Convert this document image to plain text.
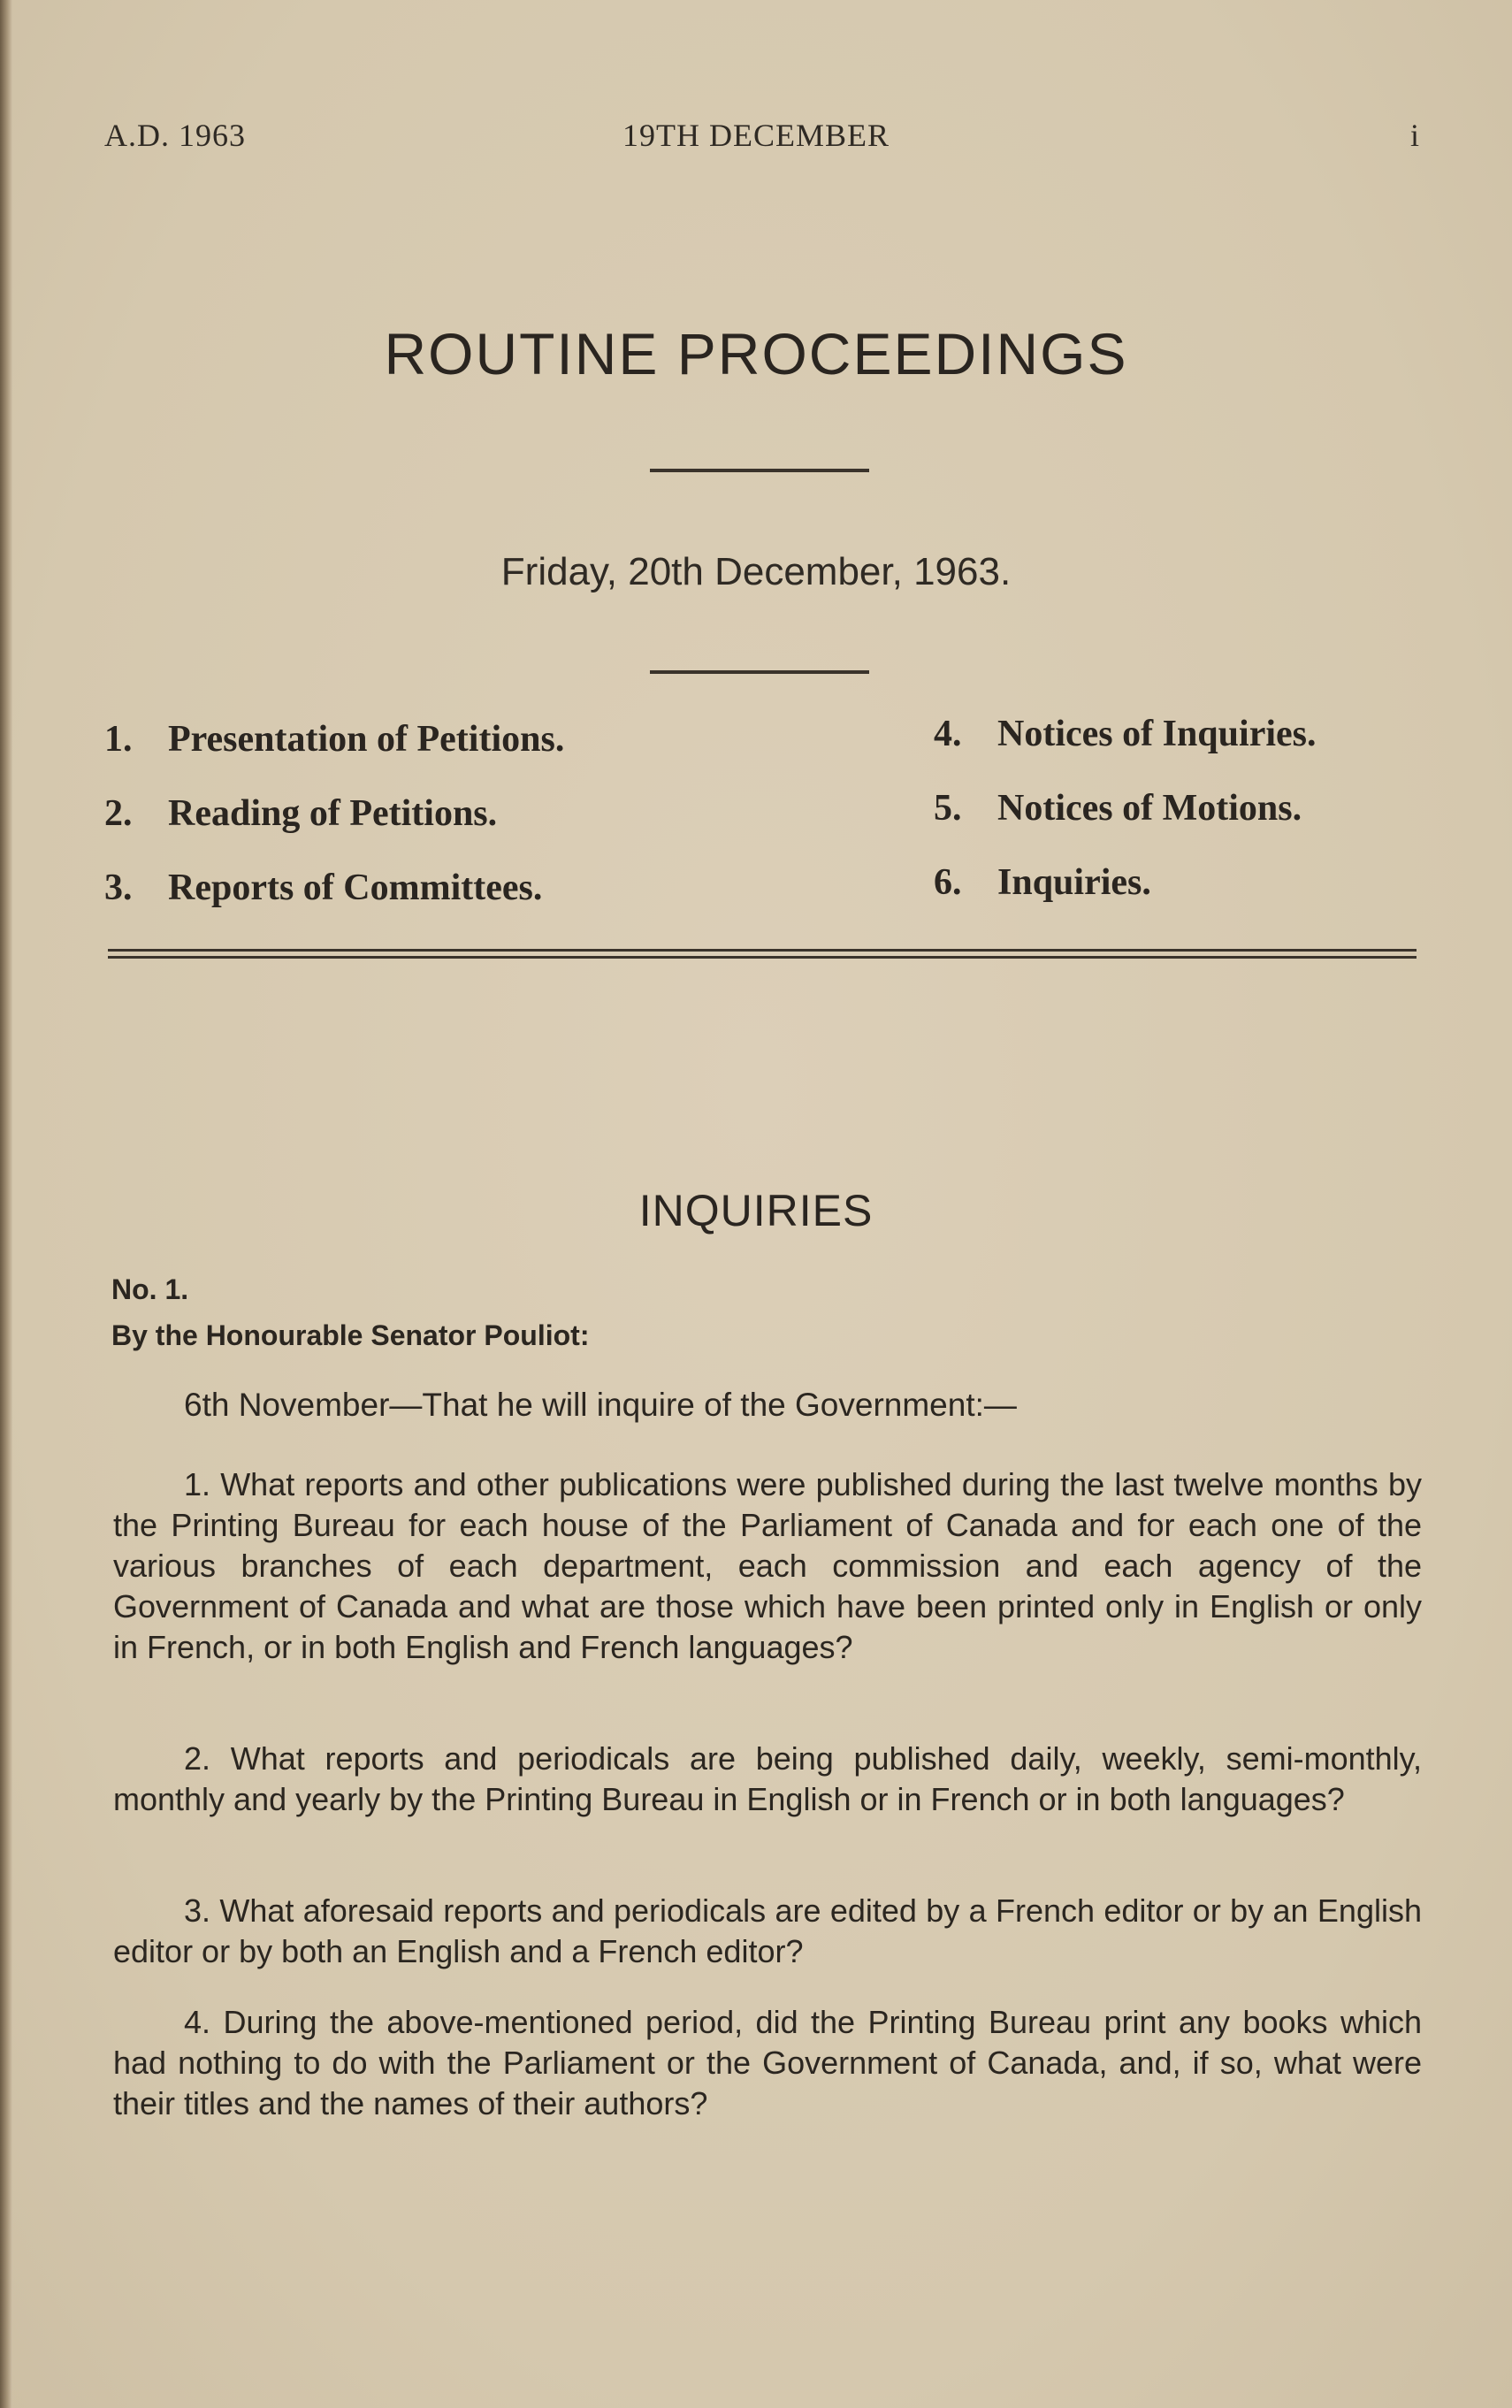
A.D. 1963	19TH DECEMBER	i
ROUTINE PROCEEDINGS
Friday, 20th December, 1963.
1. Presentation of Petitions.
2. Reading of Petitions.
3. Reports of Committees.
4. Notices of Inquiries.
5. Notices of Motions.
6. Inquiries.
INQUIRIES
No. 1.
By the Honourable Senator Pouliot:
6th November—That he will inquire of the Government:—

1. What reports and other publications were published during the last twelve months by the Printing Bureau for each house of the Parliament of Canada and for each one of the various branches of each department, each commission and each agency of the Government of Canada and what are those which have been printed only in English or only in French, or in both English and French languages?

2. What reports and periodicals are being published daily, weekly, semi-monthly, monthly and yearly by the Printing Bureau in English or in French or in both languages?

3. What aforesaid reports and periodicals are edited by a French editor or by an English editor or by both an English and a French editor?

4. During the above-mentioned period, did the Printing Bureau print any books which had nothing to do with the Parliament or the Government of Canada, and, if so, what were their titles and the names of their authors?
